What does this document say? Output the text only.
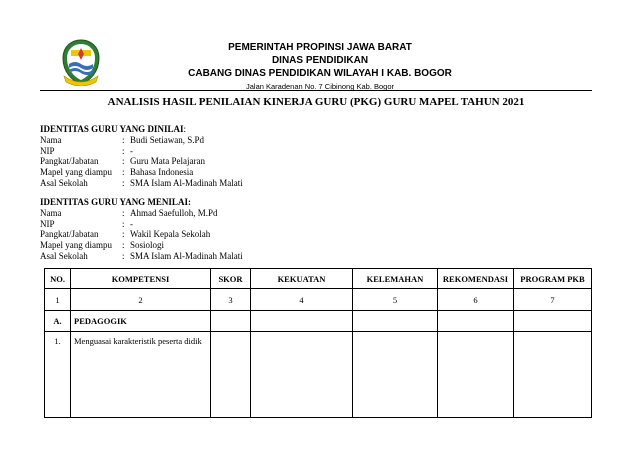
PEMERINTAH PROPINSI JAWA BARAT
DINAS PENDIDIKAN
CABANG DINAS PENDIDIKAN WILAYAH I KAB. BOGOR
Jalan Karadenan No. 7 Cibinong Kab. Bogor
ANALISIS HASIL PENILAIAN KINERJA GURU (PKG) GURU MAPEL TAHUN 2021
IDENTITAS GURU YANG DINILAI:
Nama	: Budi Setiawan, S.Pd
NIP	: -
Pangkat/Jabatan	: Guru Mata Pelajaran
Mapel yang diampu	: Bahasa Indonesia
Asal Sekolah	: SMA Islam Al-Madinah Malati
IDENTITAS GURU YANG MENILAI:
Nama	: Ahmad Saefulloh, M.Pd
NIP	: -
Pangkat/Jabatan	: Wakil Kepala Sekolah
Mapel yang diampu	: Sosiologi
Asal Sekolah	: SMA Islam Al-Madinah Malati
NO.	KOMPETENSI	SKOR	KEKUATAN	KELEMAHAN	REKOMENDASI	PROGRAM PKB
1	2	3	4	5	6	7
A.	PEDAGOGIK					
1.	Menguasai karakteristik peserta didik					
